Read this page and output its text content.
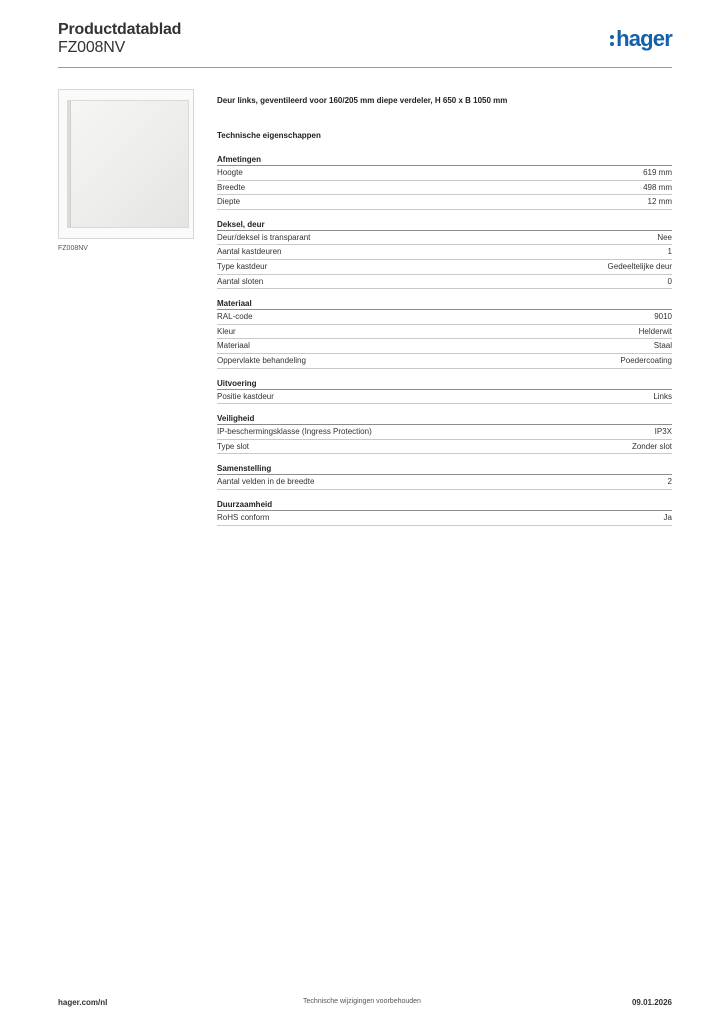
Productdatablad
FZ008NV	hager
FZ008NV
Deur links, geventileerd voor 160/205 mm diepe verdeler, H 650 x B 1050 mm
Technische eigenschappen
Afmetingen
Hoogte	619 mm
Breedte	498 mm
Diepte	12 mm
Deksel, deur
Deur/deksel is transparant	Nee
Aantal kastdeuren	1
Type kastdeur	Gedeeltelijke deur
Aantal sloten	0
Materiaal
RAL-code	9010
Kleur	Helderwit
Materiaal	Staal
Oppervlakte behandeling	Poedercoating
Uitvoering
Positie kastdeur	Links
Veiligheid
IP-beschermingsklasse (Ingress Protection)	IP3X
Type slot	Zonder slot
Samenstelling
Aantal velden in de breedte	2
Duurzaamheid
RoHS conform	Ja
hager.com/nl	Technische wijzigingen voorbehouden	09.01.2026
